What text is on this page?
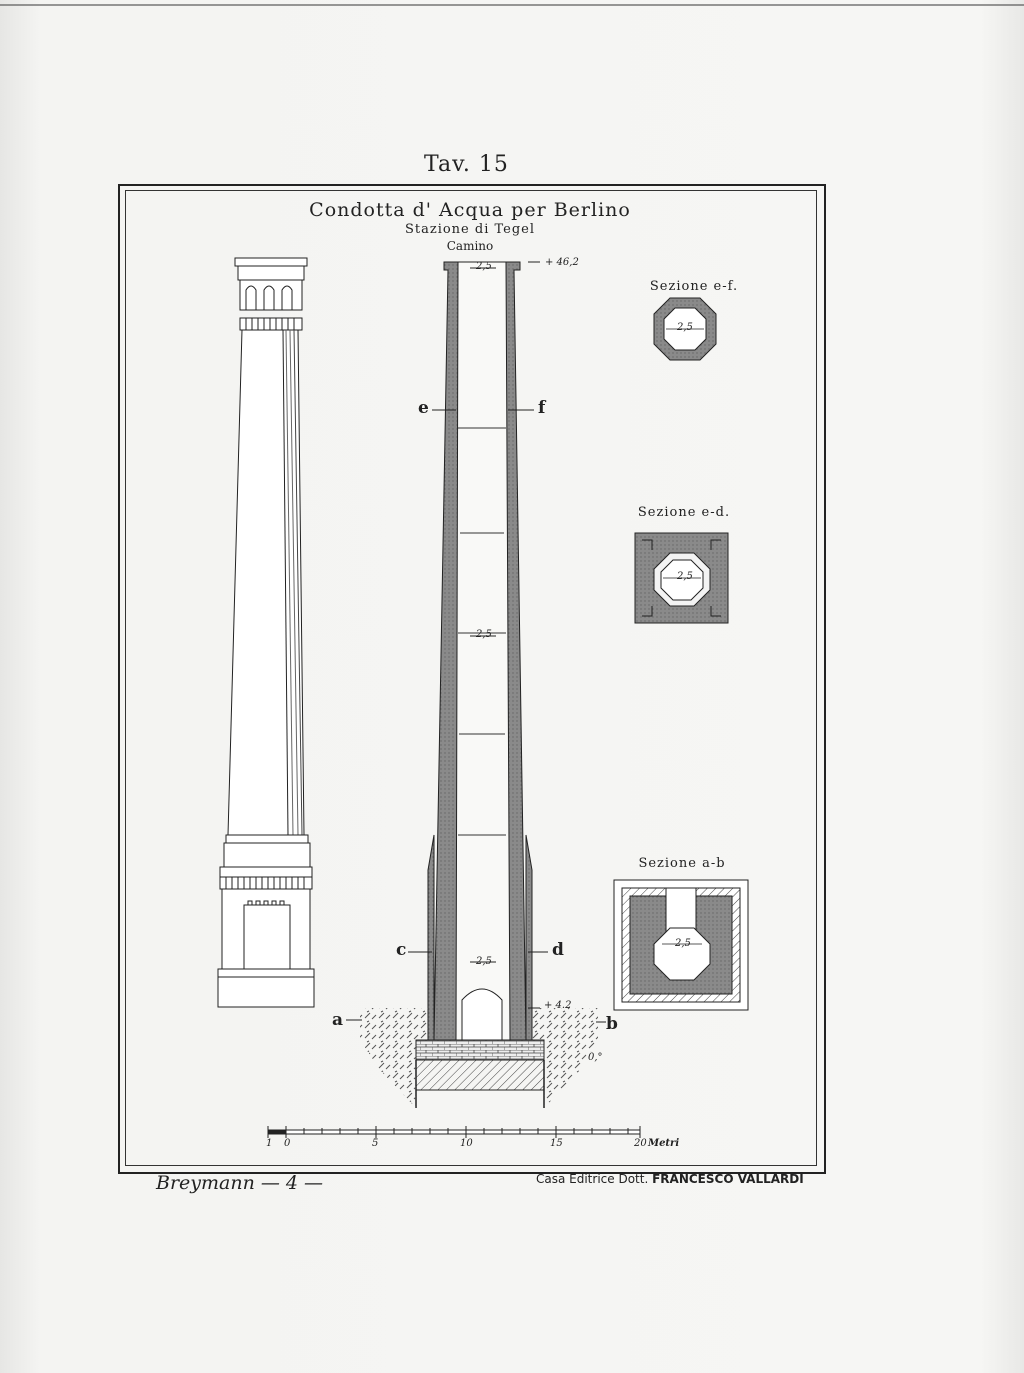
Tav. 15
Condotta d' Acqua per Berlino
Stazione di Tegel
Camino
Sezione e-f.
Sezione e-d.
Sezione a-b
+ 46,2
+ 4.2
0,°
2,5
2,5
2,5
2,5
2,5
2,5
e	f
c	d
a	b
1 0	5	10	15	20 Metri
Breymann — 4 —	Casa Editrice Dott. FRANCESCO VALLARDI
